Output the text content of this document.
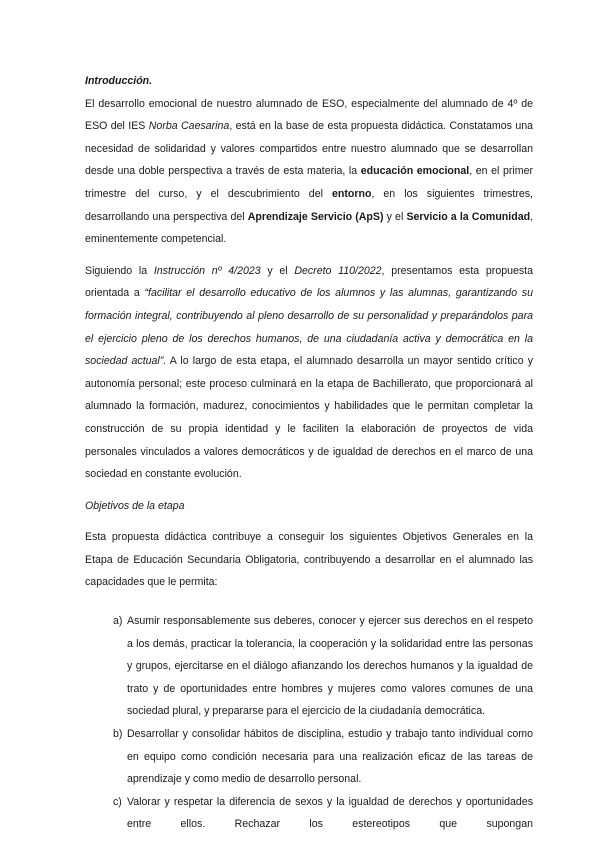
Introducción.

El desarrollo emocional de nuestro alumnado de ESO, especialmente del alumnado de 4º de ESO del IES Norba Caesarina, está en la base de esta propuesta didáctica. Constatamos una necesidad de solidaridad y valores compartidos entre nuestro alumnado que se desarrollan desde una doble perspectiva a través de esta materia, la educación emocional, en el primer trimestre del curso, y el descubrimiento del entorno, en los siguientes trimestres, desarrollando una perspectiva del Aprendizaje Servicio (ApS) y el Servicio a la Comunidad, eminentemente competencial.

Siguiendo la Instrucción nº 4/2023 y el Decreto 110/2022, presentamos esta propuesta orientada a “facilitar el desarrollo educativo de los alumnos y las alumnas, garantizando su formación integral, contribuyendo al pleno desarrollo de su personalidad y preparándolos para el ejercicio pleno de los derechos humanos, de una ciudadanía activa y democrática en la sociedad actual”. A lo largo de esta etapa, el alumnado desarrolla un mayor sentido crítico y autonomía personal; este proceso culminará en la etapa de Bachillerato, que proporcionará al alumnado la formación, madurez, conocimientos y habilidades que le permitan completar la construcción de su propia identidad y le faciliten la elaboración de proyectos de vida personales vinculados a valores democráticos y de igualdad de derechos en el marco de una sociedad en constante evolución.

Objetivos de la etapa

Esta propuesta didáctica contribuye a conseguir los siguientes Objetivos Generales en la Etapa de Educación Secundaria Obligatoria, contribuyendo a desarrollar en el alumnado las capacidades que le permita:

a) Asumir responsablemente sus deberes, conocer y ejercer sus derechos en el respeto a los demás, practicar la tolerancia, la cooperación y la solidaridad entre las personas y grupos, ejercitarse en el diálogo afianzando los derechos humanos y la igualdad de trato y de oportunidades entre hombres y mujeres como valores comunes de una sociedad plural, y prepararse para el ejercicio de la ciudadanía democrática.
b) Desarrollar y consolidar hábitos de disciplina, estudio y trabajo tanto individual como en equipo como condición necesaria para una realización eficaz de las tareas de aprendizaje y como medio de desarrollo personal.
c) Valorar y respetar la diferencia de sexos y la igualdad de derechos y oportunidades entre ellos. Rechazar los estereotipos que supongan
